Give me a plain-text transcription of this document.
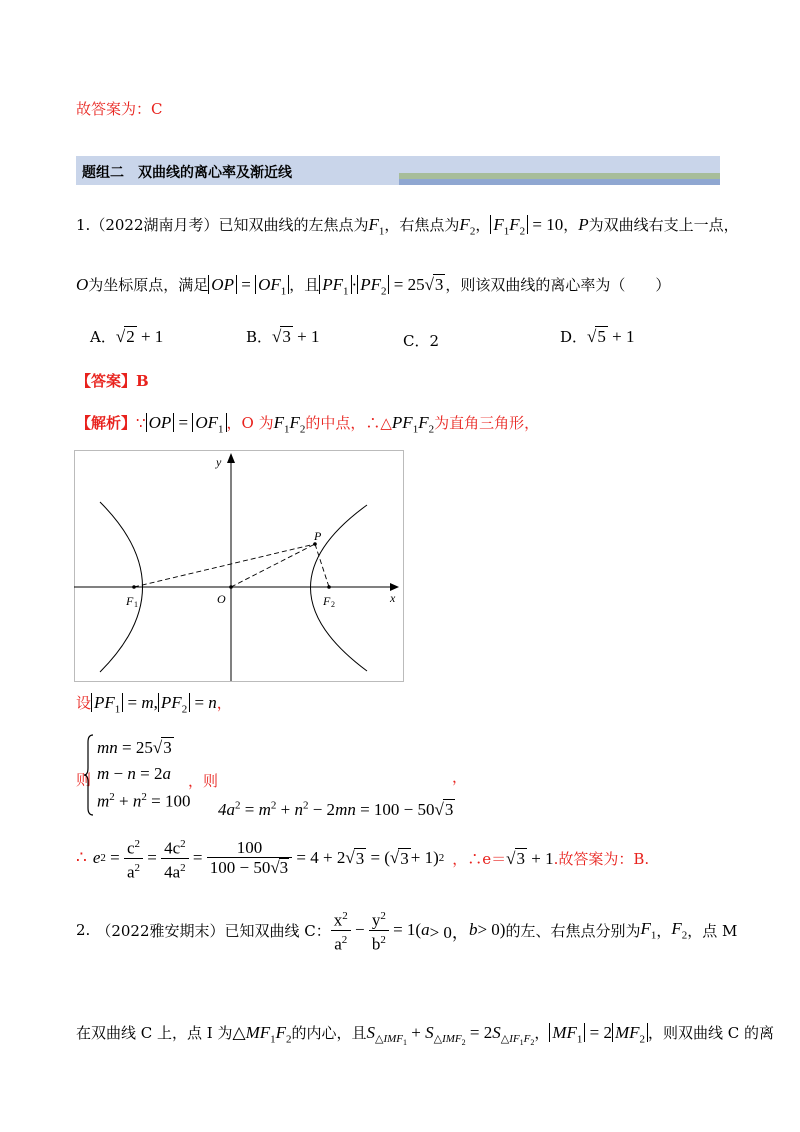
故答案为：C
题组二　双曲线的离心率及渐近线
1.（2022湖南月考）已知双曲线的左焦点为$F_1$，右焦点为$F_2$， $F_1F_2 = 10$，P为双曲线右支上一点，
O为坐标原点，满足 OP = $OF_1$ ，且 $PF_1 \cdot PF_2 = 25√3$ ，则该双曲线的离心率为（　　）
A．√2 + 1	B．√3 + 1	C．2	D．√5 + 1
【答案】B
【解析】∵ OP = $OF_1$ ，O 为$F_1F_2$的中点，$\therefore\triangle PF_1F_2$为直角三角形，
y
x
P
O
F 1	F 2
设 $PF_1 = m$, $PF_2 = n$，
则
mn = 25√3
m − n = 2a
$m^2 + n^2 = 100$
，则	，
$4a^2 = m^2 + n^2 - 2mn = 100 - 50√3$
∴ e $2 = \frac{c^2}{a^2} = \frac{4c^2}{4a^2} = \frac{100}{100 - 50√3} = 4 + 2√$ 3 = (√ 3 + 1) 2 ，∴e＝ √3 + 1 .故答案为：B.
2. （2022雅安期末） 已知双曲线 C： $\frac{x^2}{a^2} - \frac{y^2}{b^2} = 1$( a > 0， b > 0) 的左、右焦点分别为 $F_1$ ， $F_2$ ，点 M
在双曲线 C 上，点 I 为$\triangle MF_1F_2$的内心，且$S_{\triangle IMF_1} + S_{\triangle IMF_2} = 2S_{\triangle IF_1F_2}$， $MF_1 = 2$ $MF_2$ ，则双曲线 C 的离
